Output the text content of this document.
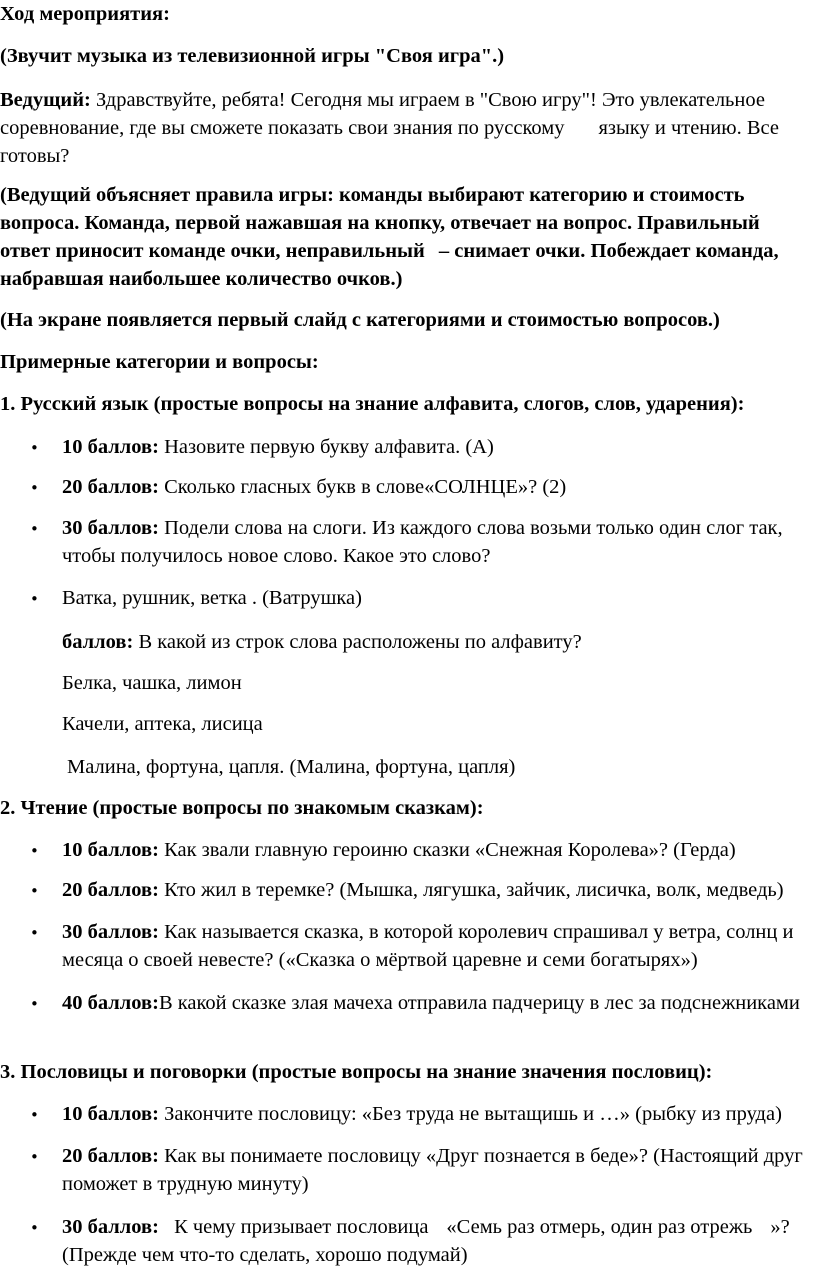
Ход мероприятия:
(Звучит музыка из телевизионной игры "Своя игра".)
Ведущий: Здравствуйте, ребята! Сегодня мы играем в "Свою игру"! Это увлекательное
соревнование, где вы сможете показать свои знания по русскому языку и чтению. Все
готовы?
(Ведущий объясняет правила игры: команды выбирают категорию и стоимость
вопроса. Команда, первой нажавшая на кнопку, отвечает на вопрос. Правильный
ответ приносит команде очки, неправильный – снимает очки. Побеждает команда,
набравшая наибольшее количество очков.)
(На экране появляется первый слайд с категориями и стоимостью вопросов.)
Примерные категории и вопросы:
1. Русский язык (простые вопросы на знание алфавита, слогов, слов, ударения):
• 10 баллов: Назовите первую букву алфавита. (А)
• 20 баллов: Сколько гласных букв в слове«СОЛНЦЕ»? (2)
• 30 баллов: Подели слова на слоги. Из каждого слова возьми только один слог так,
чтобы получилось новое слово. Какое это слово?
• Ватка, рушник, ветка . (Ватрушка)
баллов: В какой из строк слова расположены по алфавиту?
Белка, чашка, лимон
Качели, аптека, лисица
Малина, фортуна, цапля. (Малина, фортуна, цапля)
2. Чтение (простые вопросы по знакомым сказкам):
• 10 баллов: Как звали главную героиню сказки «Снежная Королева»? (Герда)
• 20 баллов: Кто жил в теремке? (Мышка, лягушка, зайчик, лисичка, волк, медведь)
• 30 баллов: Как называется сказка, в которой королевич спрашивал у ветра, солнц и
месяца о своей невесте? («Сказка о мёртвой царевне и семи богатырях»)
• 40 баллов:В какой сказке злая мачеха отправила падчерицу в лес за подснежниками
3. Пословицы и поговорки (простые вопросы на знание значения пословиц):
• 10 баллов: Закончите пословицу: «Без труда не вытащишь и …» (рыбку из пруда)
• 20 баллов: Как вы понимаете пословицу «Друг познается в беде»? (Настоящий друг
поможет в трудную минуту)
• 30 баллов: К чему призывает пословица «Семь раз отмерь, один раз отрежь »?
(Прежде чем что-то сделать, хорошо подумай)
